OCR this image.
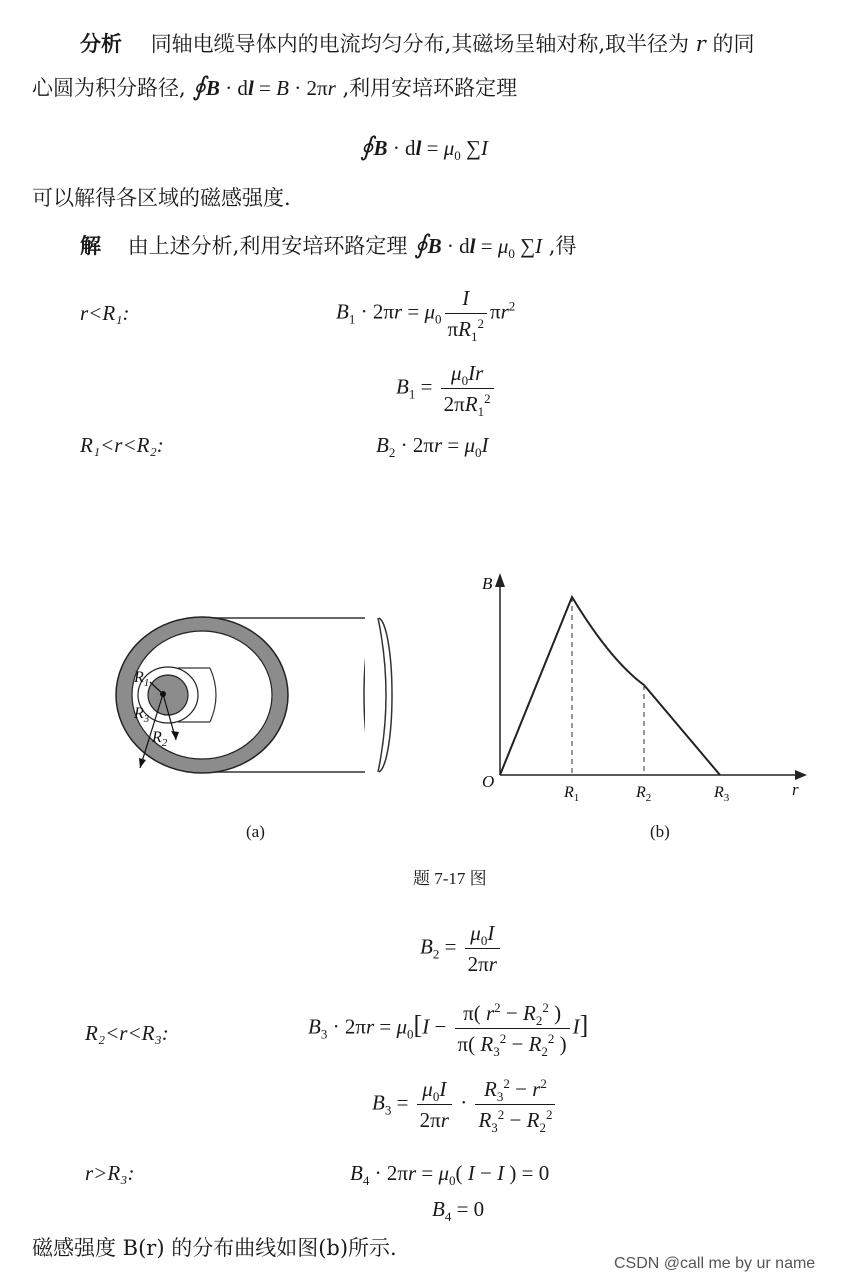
分析 同轴电缆导体内的电流均匀分布,其磁场呈轴对称,取半径为 r 的同
心圆为积分路径, ∮B · dl = B · 2πr ,利用安培环路定理
∮B · dl = $\mu_0$ ∑I
可以解得各区域的磁感强度.
解 由上述分析,利用安培环路定理 ∮B · dl = $\mu_0$ ∑I ,得
r<R₁:	$B_1 \cdot 2\pi r = \mu_0 \frac{I}{\pi R_1^2} \pi r^2$
$B_1 = \frac{\mu_0Ir}{2\pi R_1^2}$
R₁<r<R₂:	$B_2 \cdot 2\pi r = \mu_0I$
$R_1$
$R_3$
$R_2$
B
r
O
$R_1$	$R_2$	$R_3$
(a)	(b)
题 7-17 图
$B_2 = \frac{\mu_0I}{2\pi r}$
R₂<r<R₃:	$B_3 \cdot 2\pi r = \mu_0[I - \frac{\pi( r^2 - R_2^2 )}{\pi( R_3^2 - R_2^2 )} I]$
$B_3 = \frac{\mu_0I}{2\pi r} \cdot \frac{R_3^2 - r^2}{R_3^2 - R_2^2}$
r>R₃:	$B_4 \cdot 2\pi r = \mu_0$( I − I ) = 0
$B_4 = 0$
磁感强度 B(r) 的分布曲线如图(b)所示.
CSDN @call me by ur name
